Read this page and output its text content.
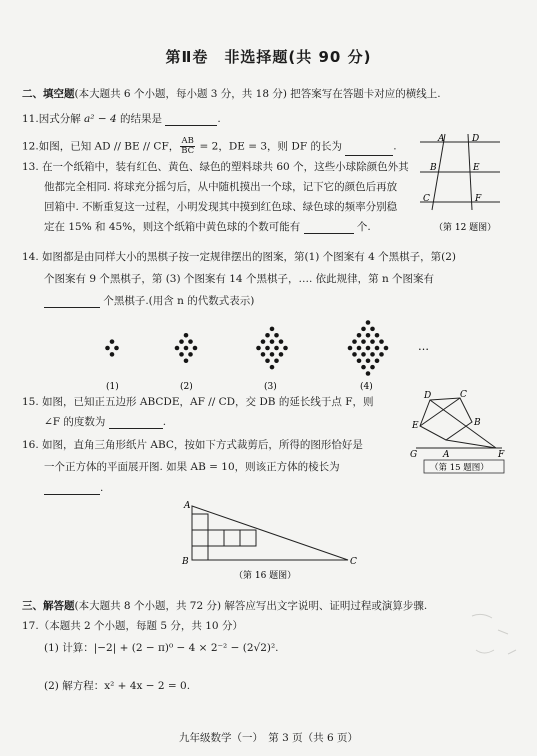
第Ⅱ卷　非选择题(共 90 分)
二、填空题(本大题共 6 个小题，每小题 3 分，共 18 分) 把答案写在答题卡对应的横线上.
11.因式分解 a² − 4 的结果是	.
12.如图，已知 AD // BE // CF， $\frac{AB}{BC} = 2$，DE = 3，则 DF 的长为	.
A	D
B	E
C	F
（第 12 题图）
13. 在一个纸箱中，装有红色、黄色、绿色的塑料球共 60 个，这些小球除颜色外其
他都完全相同. 将球充分摇匀后，从中随机摸出一个球，记下它的颜色后再放
回箱中. 不断重复这一过程，小明发现其中摸到红色球、绿色球的频率分别稳
定在 15% 和 45%，则这个纸箱中黄色球的个数可能有	个.
14. 如图都是由同样大小的黑棋子按一定规律摆出的图案，第(1) 个图案有 4 个黑棋子，第(2)
个图案有 9 个黑棋子，第 (3) 个图案有 14 个黑棋子，…. 依此规律，第 n 个图案有
个黑棋子.(用含 n 的代数式表示)
(1)	(2)	(3)	(4)
…
15. 如图，已知正五边形 ABCDE，AF // CD，交 DB 的延长线于点 F，则
∠F 的度数为	.
D	C
E	B
G	A	F
（第 15 题图）
16. 如图，直角三角形纸片 ABC，按如下方式裁剪后，所得的图形恰好是
一个正方体的平面展开图. 如果 AB = 10，则该正方体的棱长为
.
A
B	C
（第 16 题图）
三、解答题(本大题共 8 个小题，共 72 分) 解答应写出文字说明、证明过程或演算步骤.
17.（本题共 2 个小题，每题 5 分，共 10 分）
(1) 计算：|−2| + (2 − π)⁰ − 4 × 2⁻² − (2√2)².
(2) 解方程：x² + 4x − 2 = 0.
九年级数学（一）　第 3 页（共 6 页）
